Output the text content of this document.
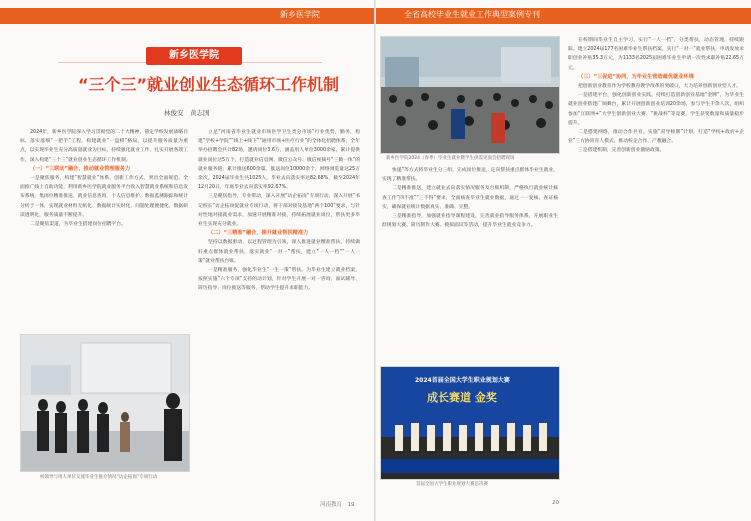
新乡医学院
新乡医学院
“三个三”就业创业生态循环工作机制
林俊安　黄志国

2024年，新乡医学院深入学习贯彻党的二十大精神，锚定学校发展战略目标，落实落细“一把手”工程，构建就业“一盘棋”格局，以提升服务质量为重点，以实现毕业生充分高质量就业为目标，持续强化就业工作，扎实开展各项工作，深入构建“三个三”就业创业生态循环工作机制。

（一）“三联动”融合，推动就业管理服务力

一是聚焦服务，构建“智慧就业”体系。创新工作方式，突出全面规范、全面推广线上自助功能，利用新乡医学院就业服务平台收入智慧就业系统和信息发布系统，集岗位精准推送、就业信息查询、个人信息维护、数据监测跟踪和统计分析于一体，实现就业材料无纸化、数据统计实时化、问题处理便捷化、数据研读透明化，服务质量不断提升。

二是聚焦渠道，为毕业生搭建岗位招聘平台。

立足“河南省毕业生就业市场医学卫生类分市场”行业优势，勤务，构建“学校+学院”“线上+线下”“通用市场+医疗行业”的全体化招聘体系，全年举办招聘会共计82场，邀请岗位3.6万，涵盖用人单位3000余家。累计提供就业岗位达5万个，打造就业信息网、微信公众号、微信视频号“三微一体”的就业服务链，累计推送600余篇。推送岗位10000余个，网络浏览量达25万余次。2024届毕业生共1025人，毕业去向落实率达82.68%，截至2024年12月20日，年底毕业去向落实率92.67%。

三是聚焦指导，专业带动，深入开展“访企拓岗”专项行动，深入开展“书记校长”访企拓岗促就业专项行动，将干部对接及基地“两个100”要求，与针对性地对接就业需求，加速开展精准对接，持续拓展就业岗位，帮扶更多毕业生实现充分就业。

（二）“三精准”融合，提升就业帮扶精准力

坚持以数据驱动，以过程管理为引领，深入推进就业精准帮扶，持续做好重点群体就业帮扶，落实就业“一对一”帮扶，建立“一人一档”“一人一策”就业帮扶台账。

一是精准服务，强化毕业生“一生一策”帮扶。为毕业生建立就业档案，按照实施“六个专项”支持的动计划，针对学生开展一对一咨询、面试辅导、简历指导、岗位推送等服务，帮助学生提升求职能力。

校领导与用人单位交流毕业生推介情况“访企拓岗”专项行动
河南教育　19
全省高校毕业生就业工作典型案例专刊
新乡医学院2024（春季）毕业生就业暨学生供需见面会招聘现场

快递”等方式将毕业生分三组，完成岗位推送，定向帮扶重点群体毕业生就业，实现了精准帮扶。

二是精准推送，建立就业去向落实情况服务及台账机制，严格执行就业统计核查工作“四不准”“三不得”要求，全面核查毕业生就业数据，通过一一复核、查证核实，确保就业统计数据真实、准确、完整。

三是精准指导，加强就业指导课程建设，完善就业指导服务体系，开展职业生涯规划大赛、简历制作大赛、模拟面试等活动，提升毕业生就业竞争力。

2024首届全国大学生职业规划大赛
成长赛道 金奖
首届全国大学生职业规划大赛总决赛

在校期间毕业生自主学习，实行“一人一档”，分类帮扶，动态管理，持续跟踪。建立2024届177名困难毕业生帮扶档案，实行“一对一”就业帮扶，申请发放求职创业补贴35.3万元，为1133名2025届困难毕业生申请一次性求职补贴22.65万元。

（三）“三促进”协同，为毕业生营造最优就业环境

把创新创业教育作为学校教育教学改革的突破口，大力培养创新创业型人才。

一是搭建平台，强化创新创业实践。持续打造创新创业基地“金牌”，为毕业生就业创业搭建广阔舞台，累计开展创新创业培训20余场，参与学生千余人次，组织参加“互联网+”大学生创新创业大赛、“挑战杯”等竞赛，学生获奖数量和质量稳步提升。

二是搭建网络，推动合作共育。实施“双导师制”计划，打造“学校+政府+企业”三方协同育人模式，推动校企合作、产教融合。

三是搭建机制，完善创新创业激励政策。

20
